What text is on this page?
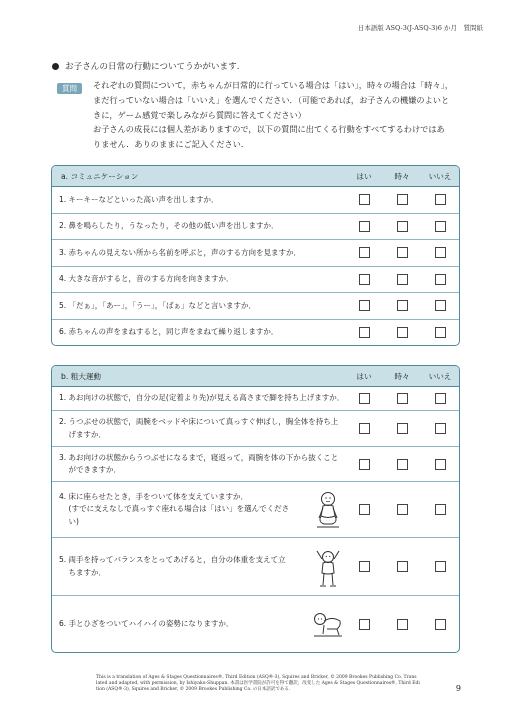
日本語版 ASQ-3(J-ASQ-3)6 か月　質問紙
お子さんの日常の行動についてうかがいます.
質問	それぞれの質問について，赤ちゃんが日常的に行っている場合は「はい」，時々の場合は「時々」，
まだ行っていない場合は「いいえ」を選んでください．（可能であれば，お子さんの機嫌のよいと
きに，ゲーム感覚で楽しみながら質問に答えてください）
お子さんの成長には個人差がありますので，以下の質問に出てくる行動をすべてするわけではあ
りません．ありのままにご記入ください．
a. コミュニケーション	はい	時々	いいえ
1. キーキーなどといった高い声を出しますか．
2. 鼻を鳴らしたり，うなったり，その他の低い声を出しますか．
3. 赤ちゃんの見えない所から名前を呼ぶと，声のする方向を見ますか．
4. 大きな音がすると，音のする方向を向きますか．
5. 「だぁ」，「あー」，「うー」，「ばぁ」などと言いますか．
6. 赤ちゃんの声をまねすると，同じ声をまねて繰り返しますか．
b. 粗大運動	はい	時々	いいえ
1. あお向けの状態で，自分の足(定着より先)が見える高さまで脚を持ち上げますか．
2. うつぶせの状態で，両腕をベッドや床について真っすぐ伸ばし，胸全体を持ち上
げますか．
3. あお向けの状態からうつぶせになるまで，寝返って，両腕を体の下から抜くこと
ができますか．
4. 床に座らせたとき，手をついて体を支えていますか．
(すでに支えなしで真っすぐ座れる場合は「はい」を選んでくださ
い)
5. 両手を持ってバランスをとってあげると，自分の体重を支えて立
ちますか．
6. 手とひざをついてハイハイの姿勢になりますか．
This is a translation of Ages & Stages Questionnaires®, Third Edition (ASQ®-3), Squires and Bricker, © 2009 Brookes Publishing Co. Trans
lated and adapted, with permission, by Ishiyaku-Shuppan. 本書は医学書院が許可を得て翻訳，改変した Ages & Stages Questionnaires®, Third Edi
tion (ASQ®-3), Squires and Bricker, © 2009 Brookes Publishing Co. の日本語訳である．	9
